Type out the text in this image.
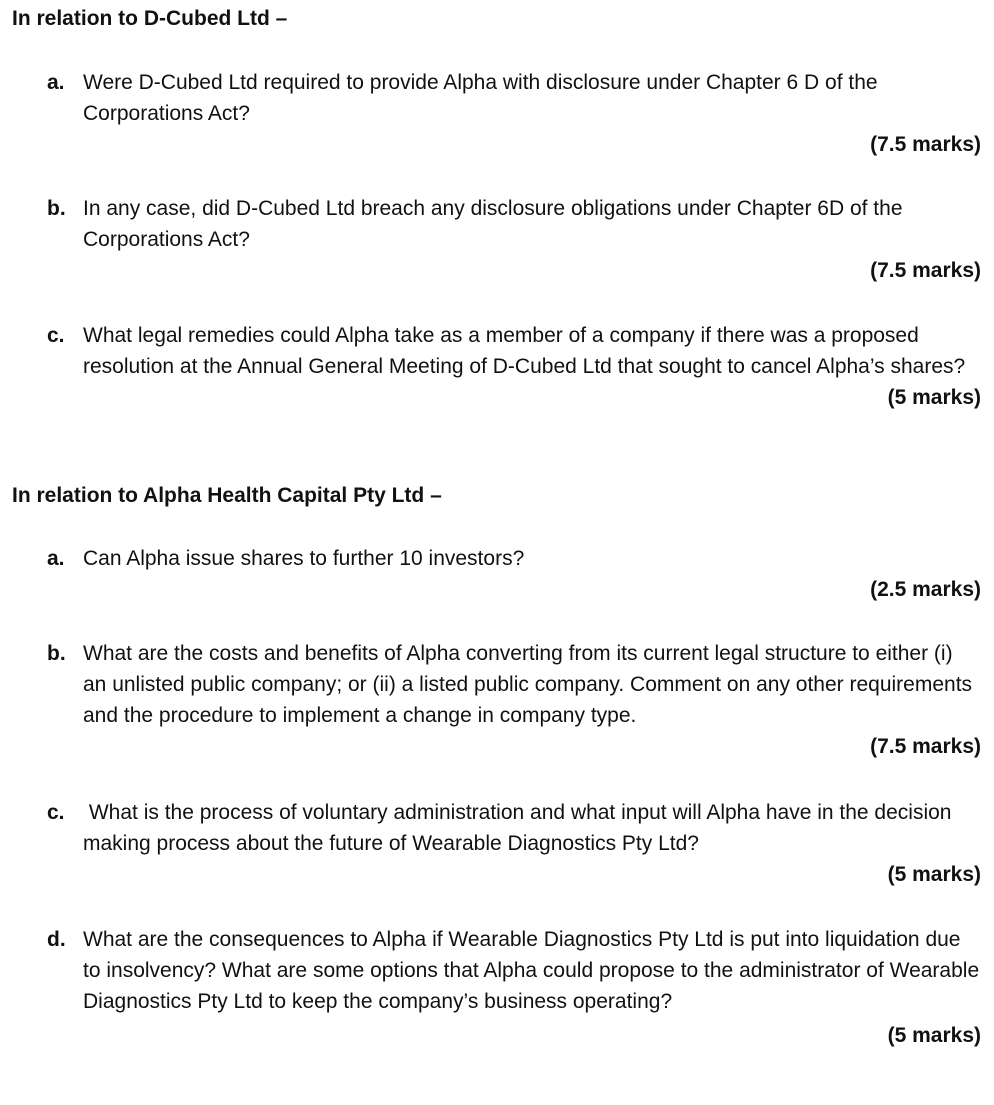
In relation to D-Cubed Ltd –
a. Were D-Cubed Ltd required to provide Alpha with disclosure under Chapter 6 D of the Corporations Act?
(7.5 marks)
b. In any case, did D-Cubed Ltd breach any disclosure obligations under Chapter 6D of the Corporations Act?
(7.5 marks)
c. What legal remedies could Alpha take as a member of a company if there was a proposed resolution at the Annual General Meeting of D-Cubed Ltd that sought to cancel Alpha’s shares?
(5 marks)
In relation to Alpha Health Capital Pty Ltd –
a. Can Alpha issue shares to further 10 investors?
(2.5 marks)
b. What are the costs and benefits of Alpha converting from its current legal structure to either (i) an unlisted public company; or (ii) a listed public company. Comment on any other requirements and the procedure to implement a change in company type.
(7.5 marks)
c. What is the process of voluntary administration and what input will Alpha have in the decision making process about the future of Wearable Diagnostics Pty Ltd?
(5 marks)
d. What are the consequences to Alpha if Wearable Diagnostics Pty Ltd is put into liquidation due to insolvency? What are some options that Alpha could propose to the administrator of Wearable Diagnostics Pty Ltd to keep the company’s business operating?
(5 marks)
